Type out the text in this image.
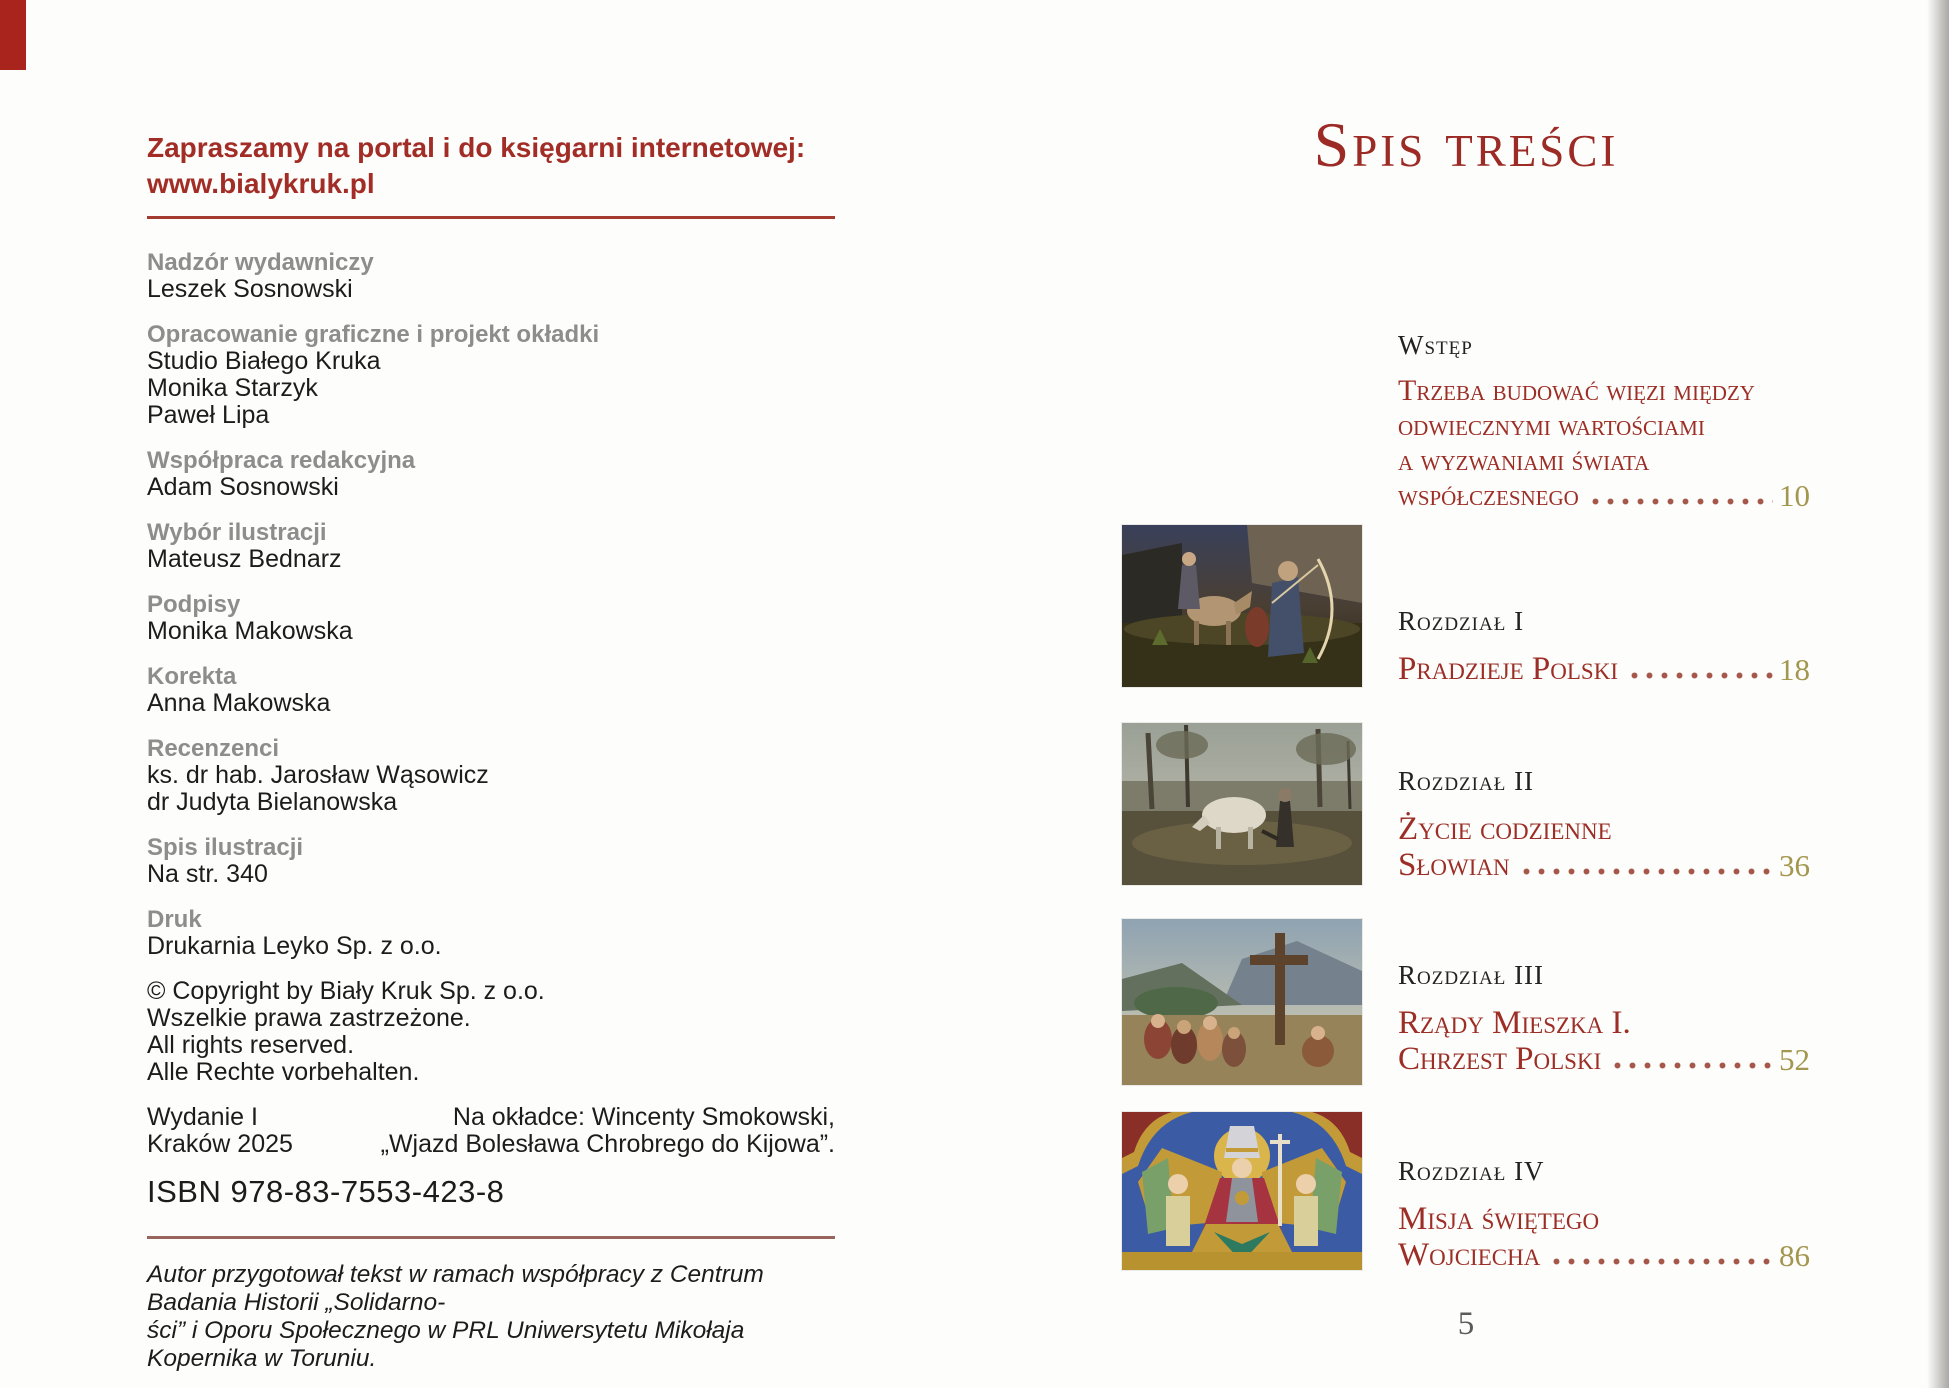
Zapraszamy na portal i do księgarni internetowej:
www.bialykruk.pl
Nadzór wydawniczy
Leszek Sosnowski
Opracowanie graficzne i projekt okładki
Studio Białego Kruka
Monika Starzyk
Paweł Lipa
Współpraca redakcyjna
Adam Sosnowski
Wybór ilustracji
Mateusz Bednarz
Podpisy
Monika Makowska
Korekta
Anna Makowska
Recenzenci
ks. dr hab. Jarosław Wąsowicz
dr Judyta Bielanowska
Spis ilustracji
Na str. 340
Druk
Drukarnia Leyko Sp. z o.o.
© Copyright by Biały Kruk Sp. z o.o.
Wszelkie prawa zastrzeżone.
All rights reserved.
Alle Rechte vorbehalten.
Wydanie I
Kraków 2025
Na okładce: Wincenty Smokowski,
„Wjazd Bolesława Chrobrego do Kijowa”.
ISBN 978-83-7553-423-8
Autor przygotował tekst w ramach współpracy z Centrum Badania Historii „Solidarno-
ści” i Oporu Społecznego w PRL Uniwersytetu Mikołaja Kopernika w Toruniu.
Spis treści
Wstęp
Trzeba budować więzi między
odwiecznymi wartościami
a wyzwaniami świata
współczesnego	10
Rozdział I
Pradzieje Polski	18
Rozdział II
Życie codzienne
Słowian	36
Rozdział III
Rządy Mieszka I.
Chrzest Polski	52
Rozdział IV
Misja świętego
Wojciecha	86
5
